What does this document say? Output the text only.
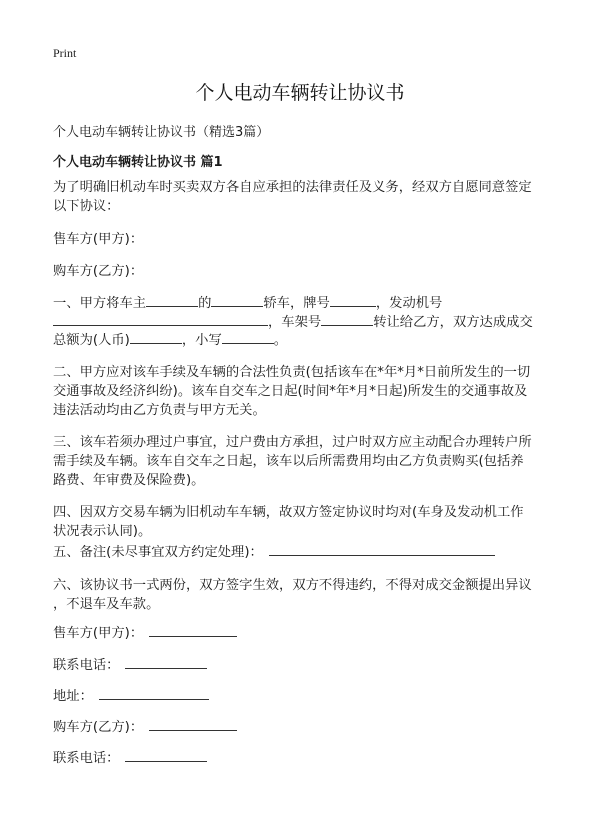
Print
个人电动车辆转让协议书
个人电动车辆转让协议书（精选3篇）
个人电动车辆转让协议书 篇1
为了明确旧机动车时买卖双方各自应承担的法律责任及义务，经双方自愿同意签定
以下协议：
售车方(甲方)：
购车方(乙方)：
一、甲方将车主	的	轿车，牌号	，发动机号
，车架号	转让给乙方，双方达成成交
总额为(人币)	，小写	。
二、甲方应对该车手续及车辆的合法性负责(包括该车在*年*月*日前所发生的一切
交通事故及经济纠纷)。该车自交车之日起(时间*年*月*日起)所发生的交通事故及
违法活动均由乙方负责与甲方无关。
三、该车若须办理过户事宜，过户费由方承担，过户时双方应主动配合办理转户所
需手续及车辆。该车自交车之日起，该车以后所需费用均由乙方负责购买(包括养
路费、年审费及保险费)。
四、因双方交易车辆为旧机动车车辆，故双方签定协议时均对(车身及发动机工作
状况表示认同)。
五、备注(未尽事宜双方约定处理)：
六、该协议书一式两份，双方签字生效，双方不得违约，不得对成交金额提出异议
，不退车及车款。
售车方(甲方)：
联系电话：
地址：
购车方(乙方)：
联系电话：
